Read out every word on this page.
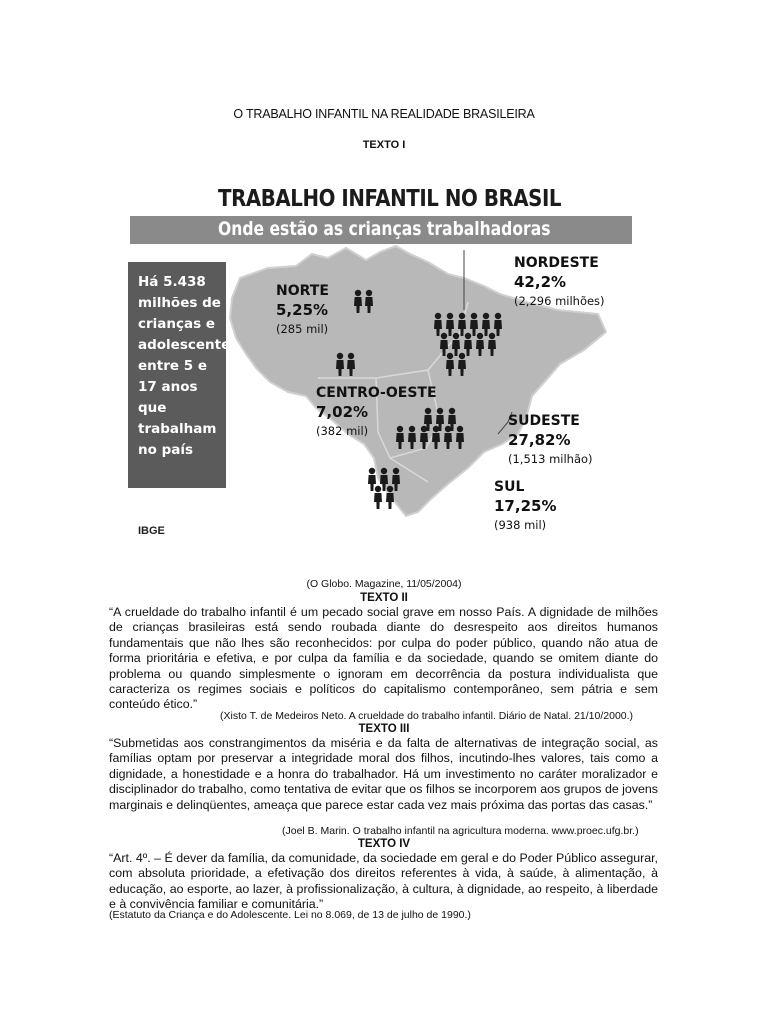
O TRABALHO INFANTIL NA REALIDADE BRASILEIRA
TEXTO I
TRABALHO INFANTIL NO BRASIL
Onde estão as crianças trabalhadoras
Há 5.438 milhões de crianças e adolescentes entre 5 e 17 anos que trabalham no país
NORTE
5,25%
(285 mil)
NORDESTE
42,2%
(2,296 milhões)
CENTRO-OESTE
7,02%
(382 mil)
SUDESTE
27,82%
(1,513 milhão)
SUL
17,25%
(938 mil)
IBGE
(O Globo. Magazine, 11/05/2004)
TEXTO II
“A crueldade do trabalho infantil é um pecado social grave em nosso País. A dignidade de milhões de crianças brasileiras está sendo roubada diante do desrespeito aos direitos humanos fundamentais que não lhes são reconhecidos: por culpa do poder público, quando não atua de forma prioritária e efetiva, e por culpa da família e da sociedade, quando se omitem diante do problema ou quando simplesmente o ignoram em decorrência da postura individualista que caracteriza os regimes sociais e políticos do capitalismo contemporâneo, sem pátria e sem conteúdo ético.”
(Xisto T. de Medeiros Neto. A crueldade do trabalho infantil. Diário de Natal. 21/10/2000.)
TEXTO III
“Submetidas aos constrangimentos da miséria e da falta de alternativas de integração social, as famílias optam por preservar a integridade moral dos filhos, incutindo-lhes valores, tais como a dignidade, a honestidade e a honra do trabalhador. Há um investimento no caráter moralizador e disciplinador do trabalho, como tentativa de evitar que os filhos se incorporem aos grupos de jovens marginais e delinqüentes, ameaça que parece estar cada vez mais próxima das portas das casas.”
(Joel B. Marin. O trabalho infantil na agricultura moderna. www.proec.ufg.br.)
TEXTO IV
“Art. 4º. – É dever da família, da comunidade, da sociedade em geral e do Poder Público assegurar, com absoluta prioridade, a efetivação dos direitos referentes à vida, à saúde, à alimentação, à educação, ao esporte, ao lazer, à profissionalização, à cultura, à dignidade, ao respeito, à liberdade e à convivência familiar e comunitária.”
(Estatuto da Criança e do Adolescente. Lei no 8.069, de 13 de julho de 1990.)
